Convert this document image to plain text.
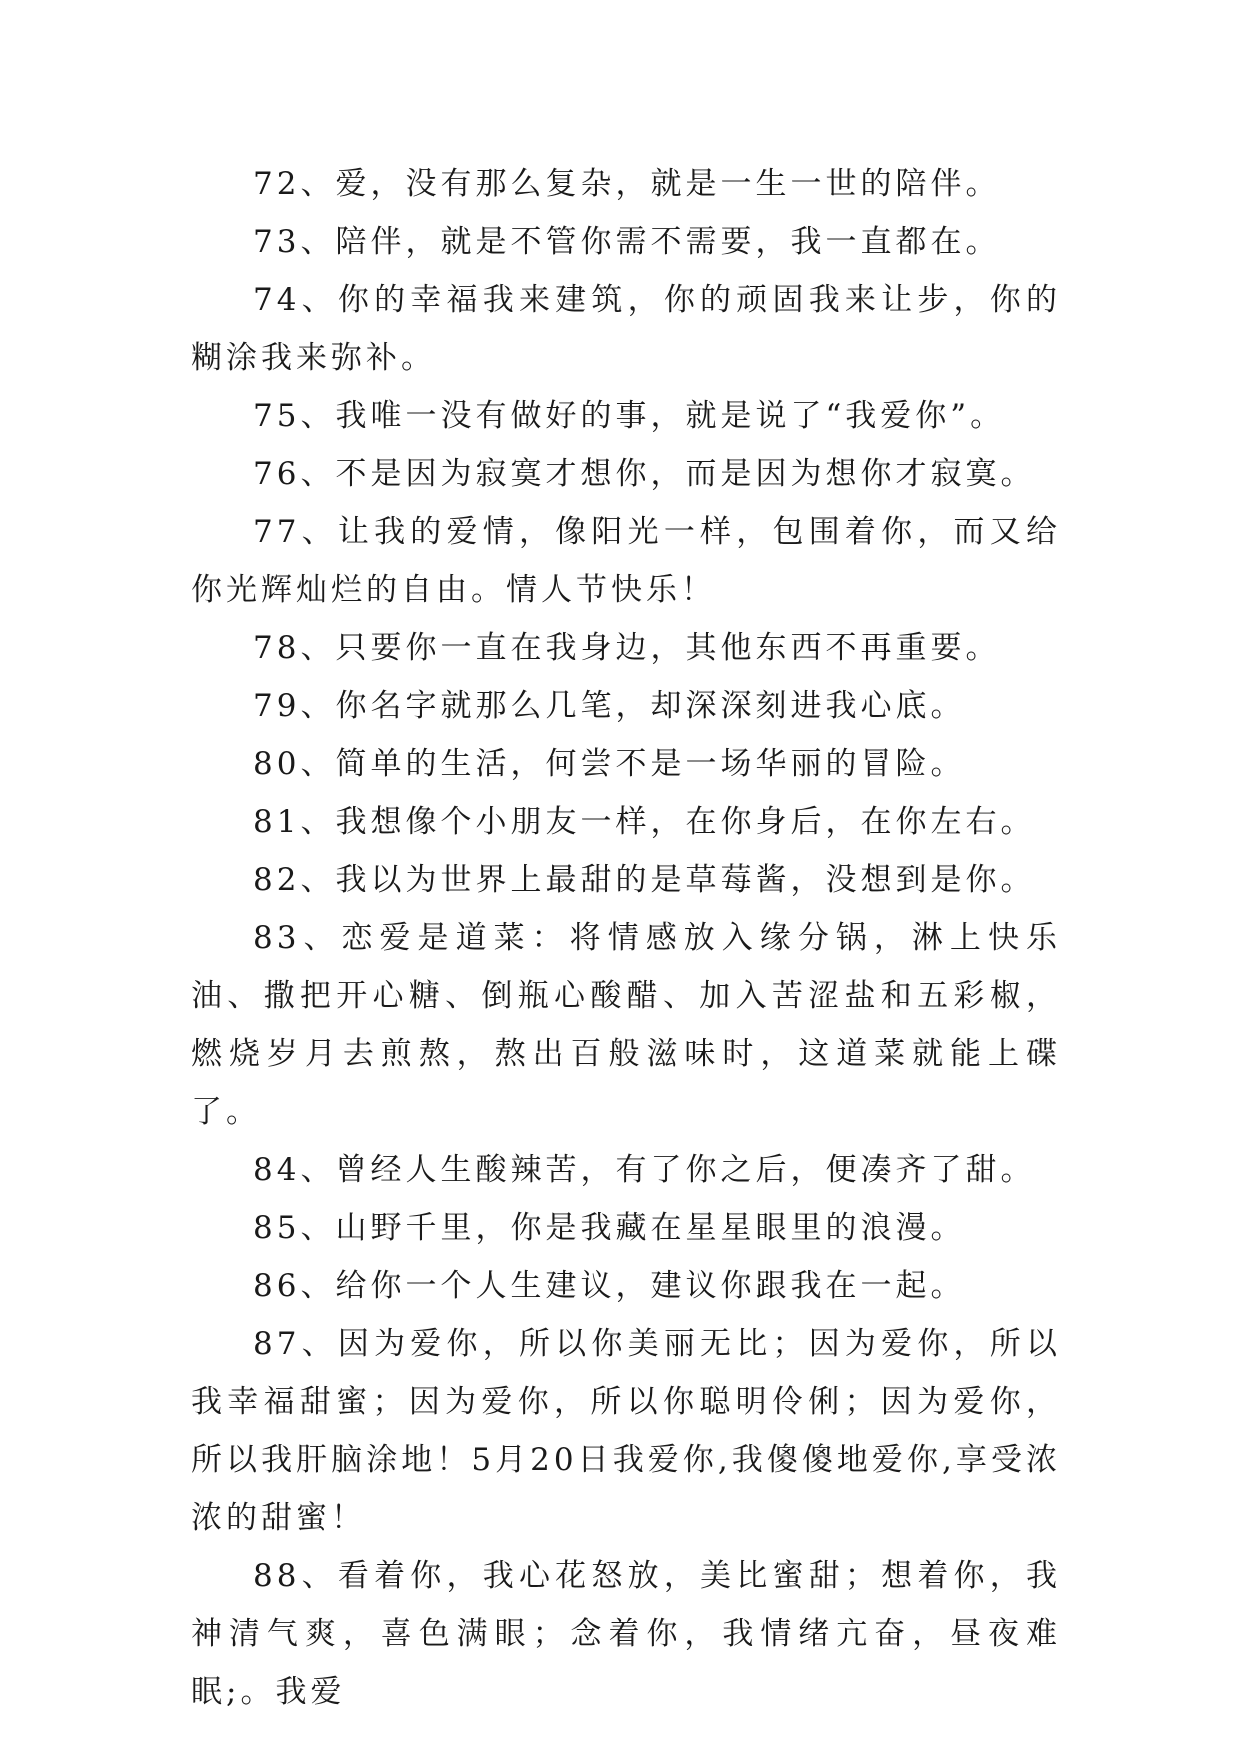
72、爱，没有那么复杂，就是一生一世的陪伴。

73、陪伴，就是不管你需不需要，我一直都在。

74、你的幸福我来建筑，你的顽固我来让步，你的糊涂我来弥补。

75、我唯一没有做好的事，就是说了“我爱你”。

76、不是因为寂寞才想你，而是因为想你才寂寞。

77、让我的爱情，像阳光一样，包围着你，而又给你光辉灿烂的自由。情人节快乐！

78、只要你一直在我身边，其他东西不再重要。

79、你名字就那么几笔，却深深刻进我心底。

80、简单的生活，何尝不是一场华丽的冒险。

81、我想像个小朋友一样，在你身后，在你左右。

82、我以为世界上最甜的是草莓酱，没想到是你。

83、恋爱是道菜：将情感放入缘分锅，淋上快乐油、撒把开心糖、倒瓶心酸醋、加入苦涩盐和五彩椒，燃烧岁月去煎熬，熬出百般滋味时，这道菜就能上碟了。

84、曾经人生酸辣苦，有了你之后，便凑齐了甜。

85、山野千里，你是我藏在星星眼里的浪漫。

86、给你一个人生建议，建议你跟我在一起。

87、因为爱你，所以你美丽无比；因为爱你，所以我幸福甜蜜；因为爱你，所以你聪明伶俐；因为爱你，所以我肝脑涂地！5月20日我爱你,我傻傻地爱你,享受浓浓的甜蜜！

88、看着你，我心花怒放，美比蜜甜；想着你，我神清气爽，喜色满眼；念着你，我情绪亢奋，昼夜难眠;。我爱
